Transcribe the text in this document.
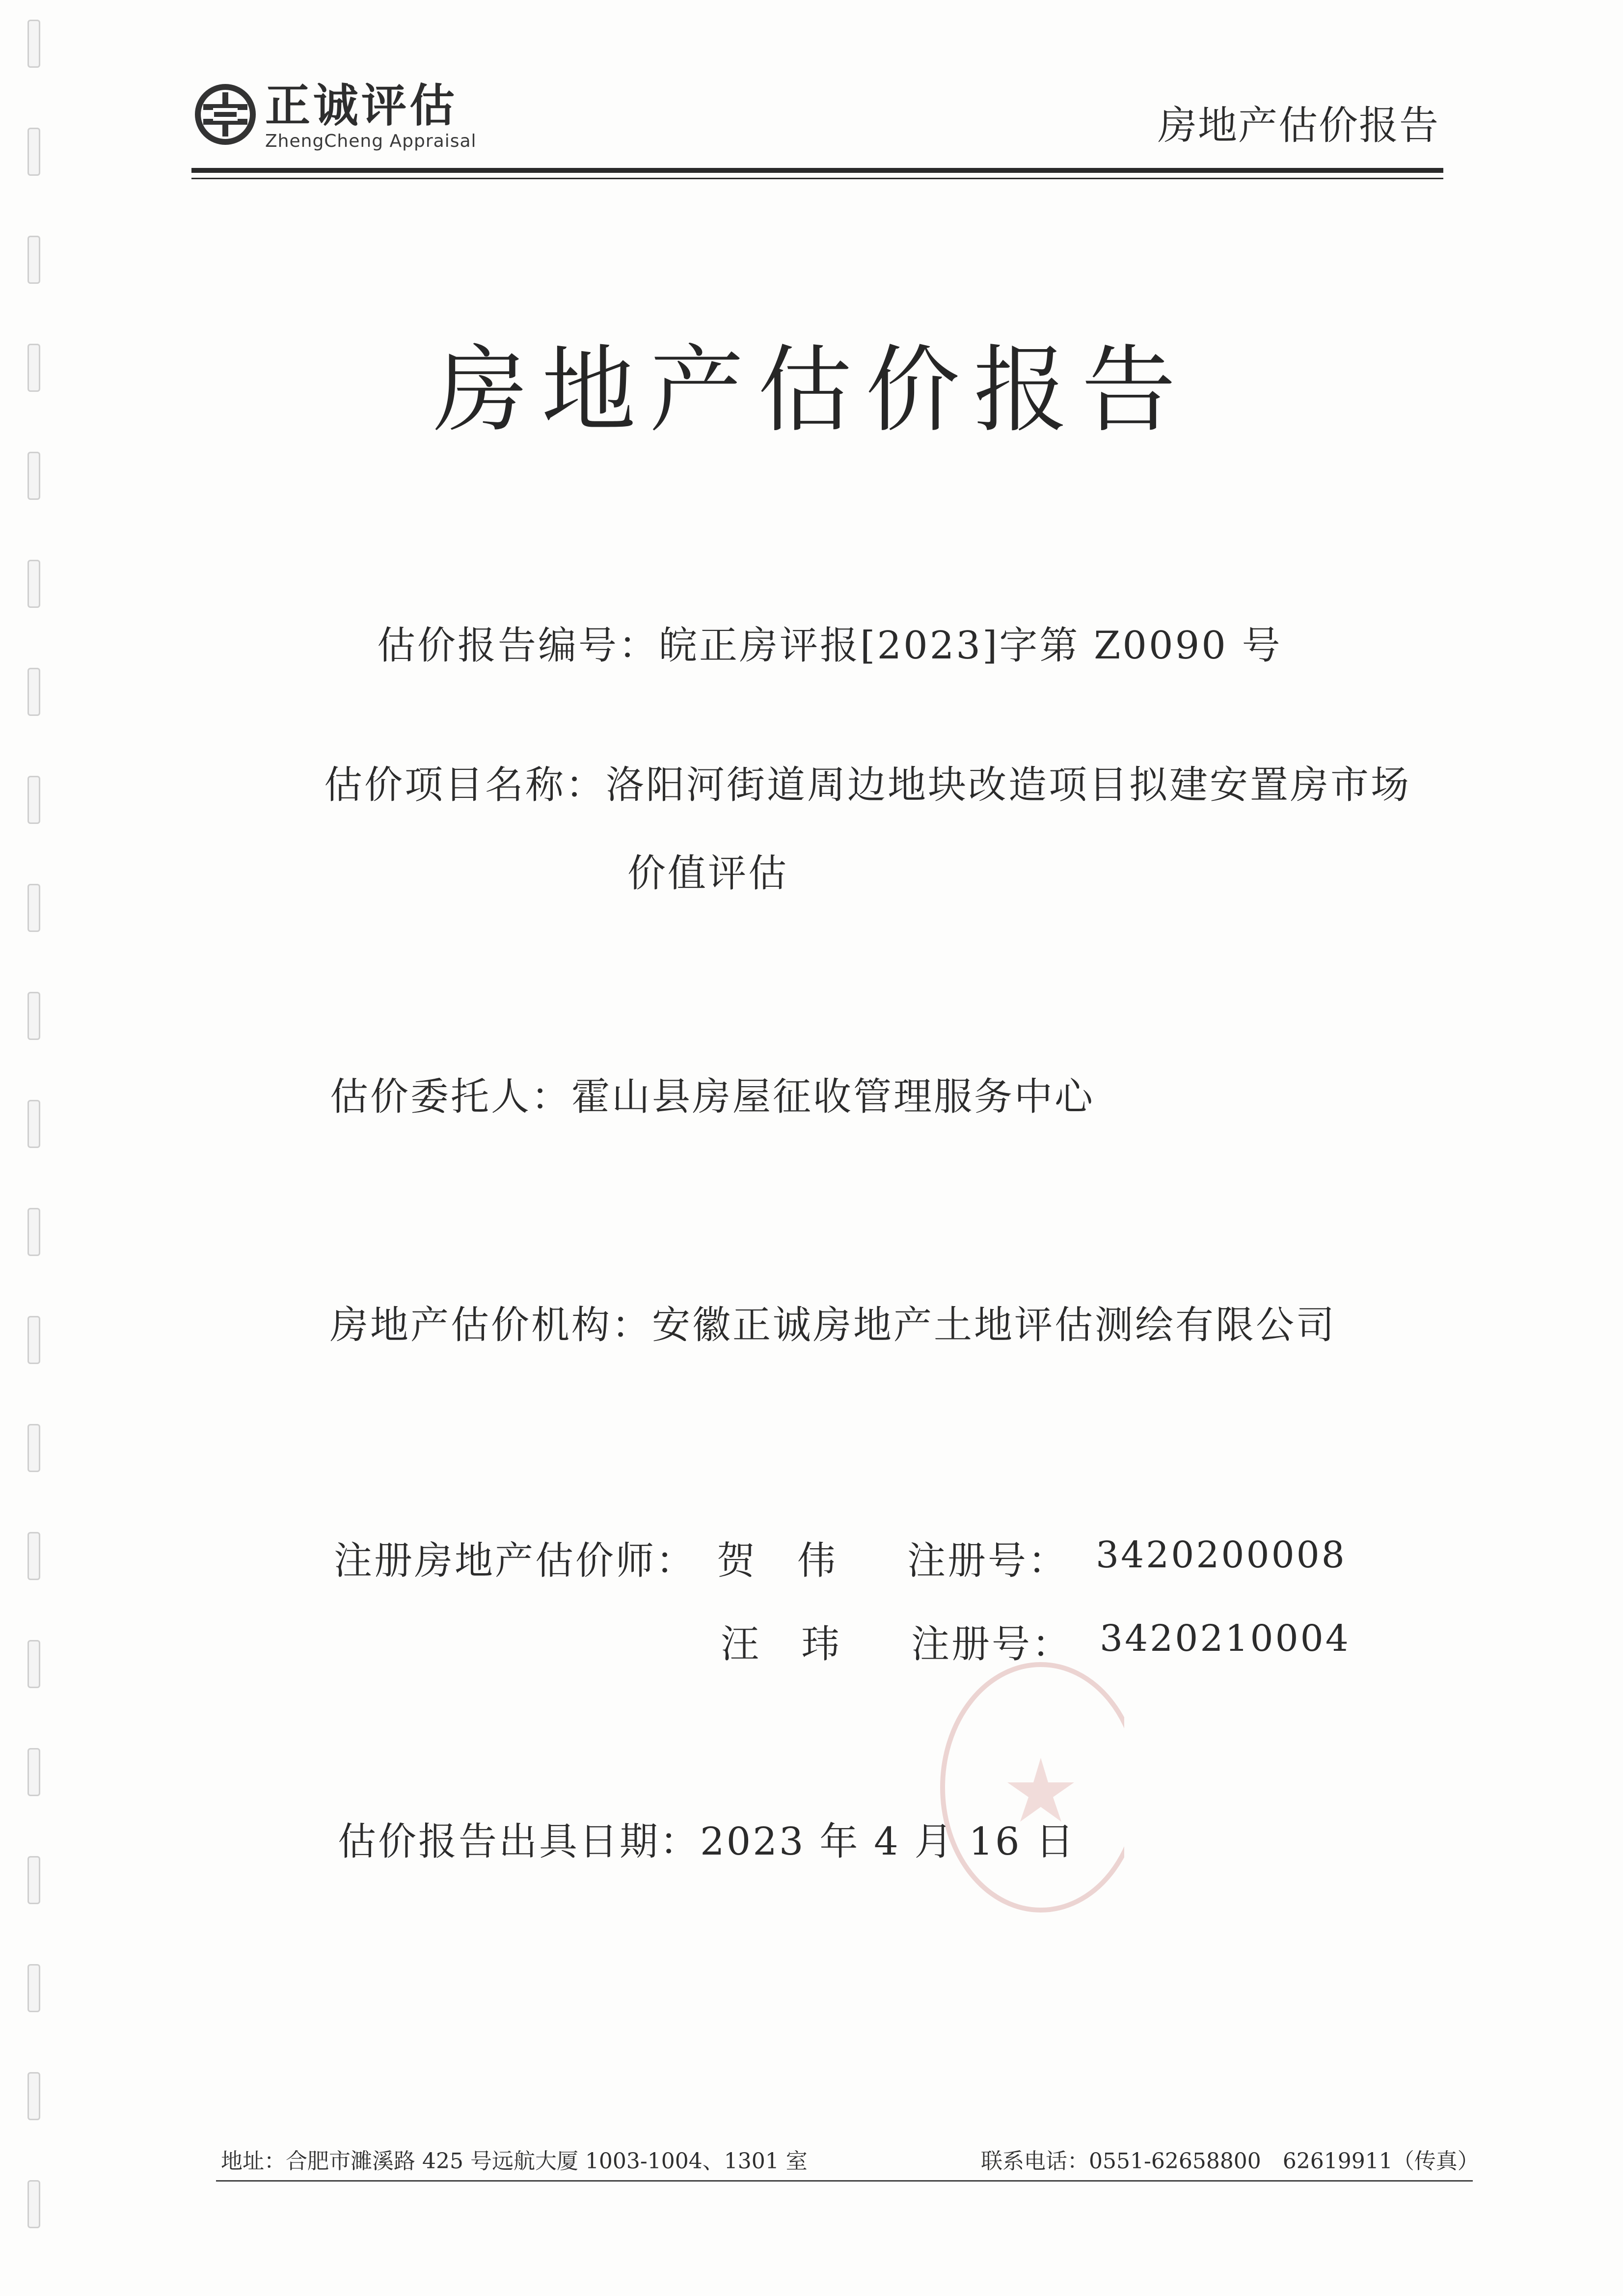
正诚评估
ZhengCheng Appraisal	房地产估价报告
房地产估价报告
估价报告编号：皖正房评报[2023]字第 Z0090 号
估价项目名称：洛阳河街道周边地块改造项目拟建安置房市场
价值评估
估价委托人：霍山县房屋征收管理服务中心
房地产估价机构：安徽正诚房地产土地评估测绘有限公司
注册房地产估价师： 贺　伟 注册号： 3420200008
汪　玮 注册号： 3420210004
估价报告出具日期：2023 年 4 月 16 日
地址：合肥市濉溪路 425 号远航大厦 1003-1004、1301 室	联系电话：0551-62658800　62619911（传真）
